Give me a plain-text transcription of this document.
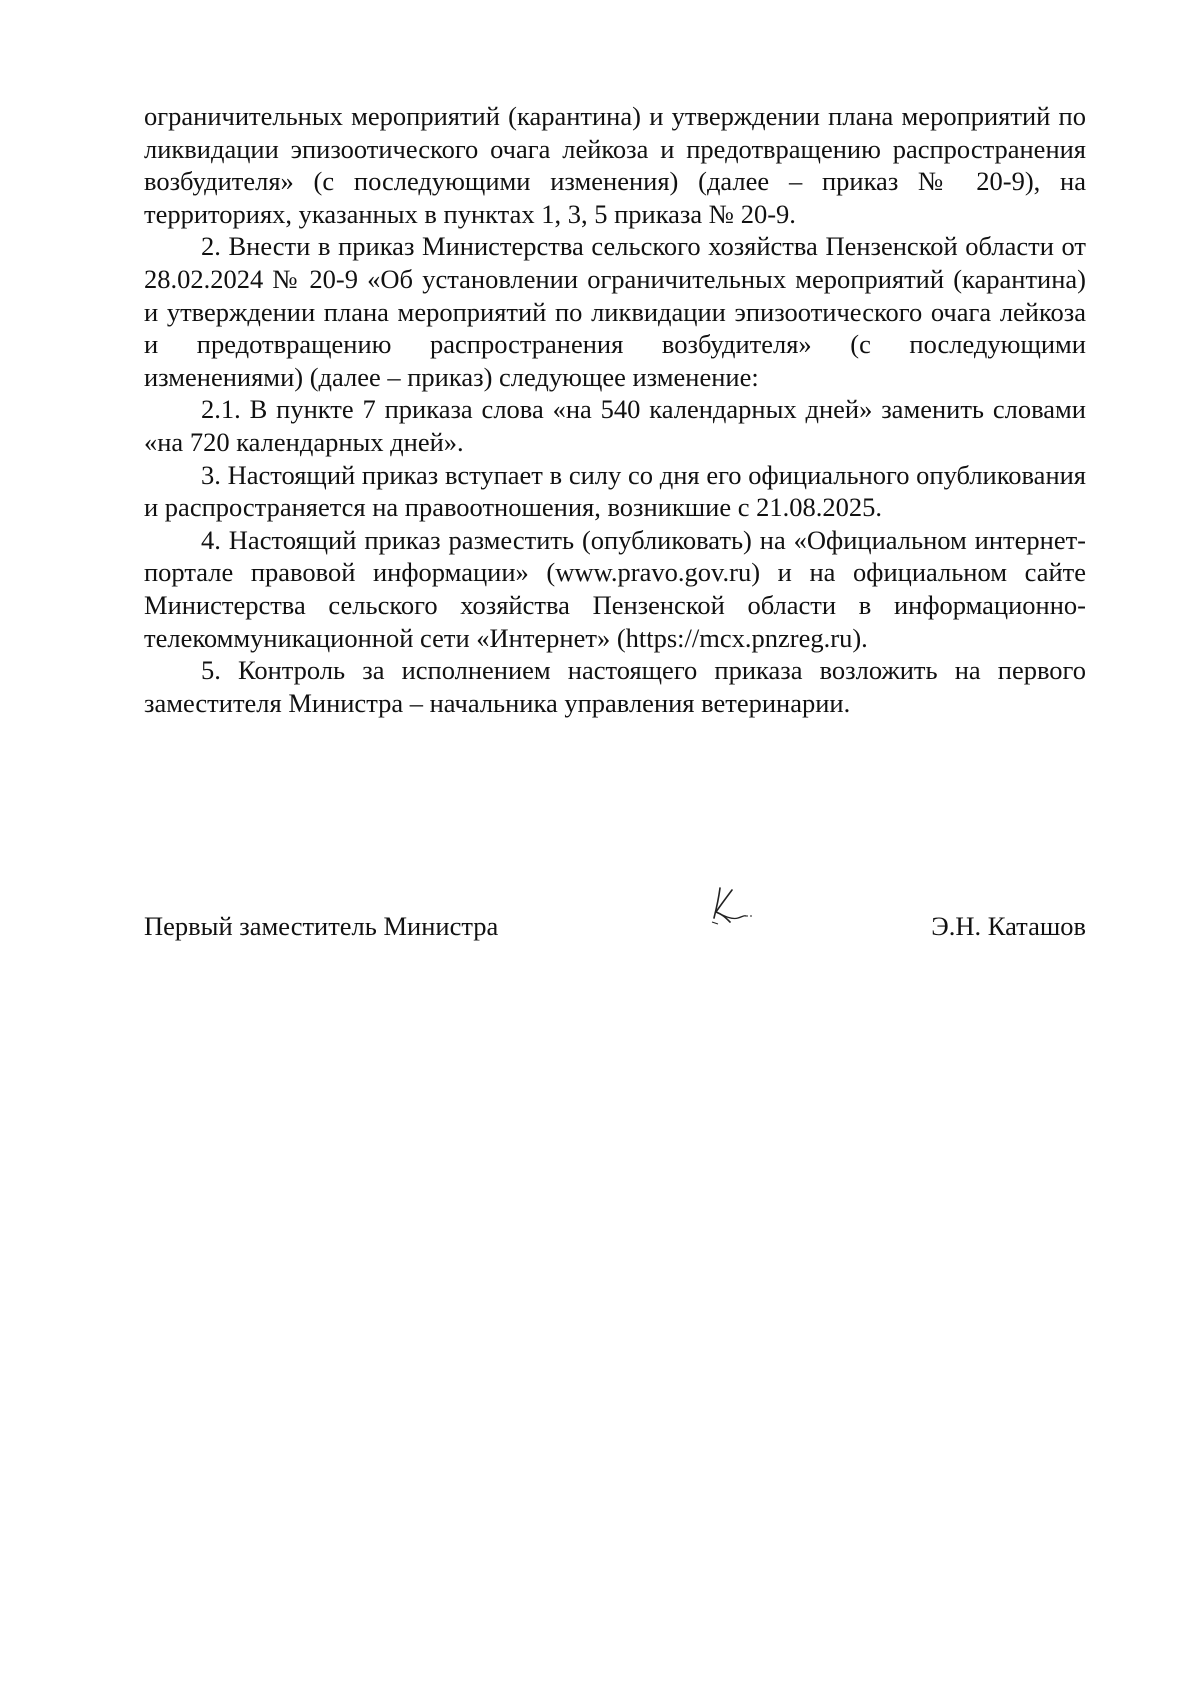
ограничительных мероприятий (карантина) и утверждении плана мероприятий по ликвидации эпизоотического очага лейкоза и предотвращению распространения возбудителя» (с последующими изменения) (далее – приказ № 20-9), на территориях, указанных в пунктах 1, 3, 5 приказа № 20-9.

2. Внести в приказ Министерства сельского хозяйства Пензенской области от 28.02.2024 № 20-9 «Об установлении ограничительных мероприятий (карантина) и утверждении плана мероприятий по ликвидации эпизоотического очага лейкоза и предотвращению распространения возбудителя» (с последующими изменениями) (далее – приказ) следующее изменение:

2.1. В пункте 7 приказа слова «на 540 календарных дней» заменить словами «на 720 календарных дней».

3. Настоящий приказ вступает в силу со дня его официального опубликования и распространяется на правоотношения, возникшие с 21.08.2025.

4. Настоящий приказ разместить (опубликовать) на «Официальном интернет-портале правовой информации» (www.pravo.gov.ru) и на официальном сайте Министерства сельского хозяйства Пензенской области в информационно-телекоммуникационной сети «Интернет» (https://mcx.pnzreg.ru).

5. Контроль за исполнением настоящего приказа возложить на первого заместителя Министра – начальника управления ветеринарии.

Первый заместитель Министра	Э.Н. Каташов
